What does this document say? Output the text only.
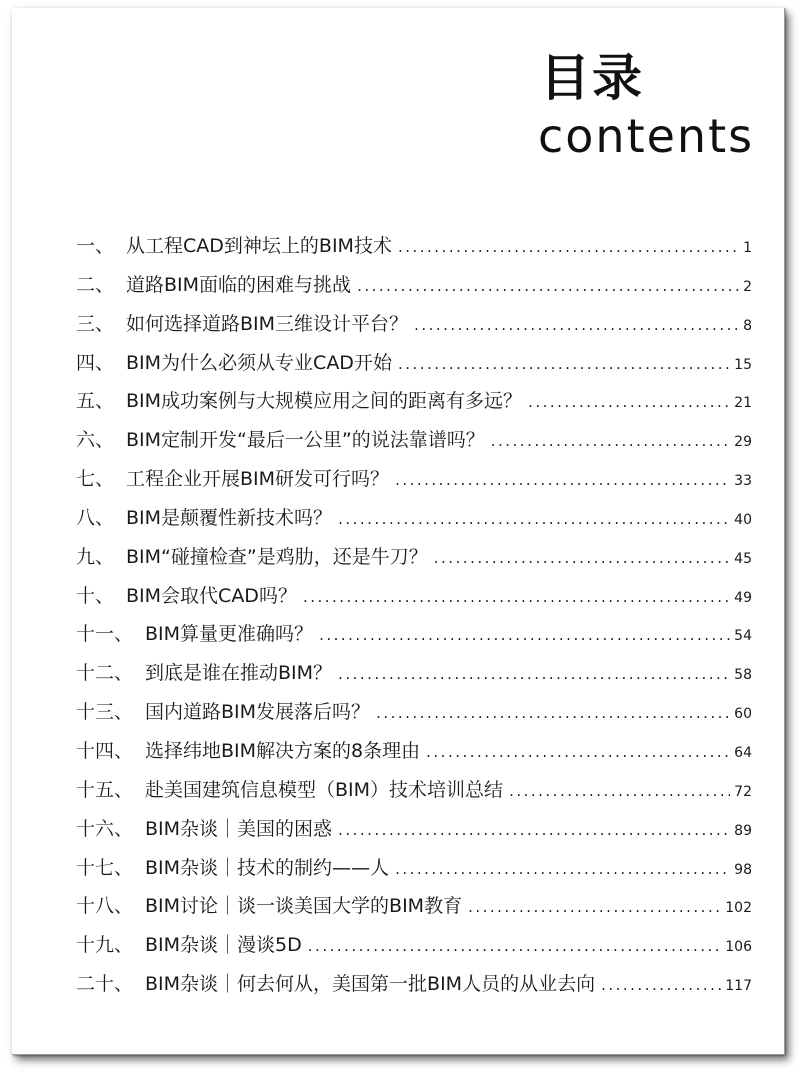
目录
contents
一、 从工程CAD到神坛上的BIM技术 .....	1
二、 道路BIM面临的困难与挑战 .....	2
三、 如何选择道路BIM三维设计平台？ .....	8
四、 BIM为什么必须从专业CAD开始 .....	15
五、 BIM成功案例与大规模应用之间的距离有多远？ .....	21
六、 BIM定制开发“最后一公里”的说法靠谱吗？ .....	29
七、 工程企业开展BIM研发可行吗？ .....	33
八、 BIM是颠覆性新技术吗？ .....	40
九、 BIM“碰撞检查”是鸡肋，还是牛刀？ .....	45
十、 BIM会取代CAD吗？ .....	49
十一、 BIM算量更准确吗？ .....	54
十二、 到底是谁在推动BIM？ .....	58
十三、 国内道路BIM发展落后吗？ .....	60
十四、 选择纬地BIM解决方案的8条理由 .....	64
十五、 赴美国建筑信息模型（BIM）技术培训总结 .....	72
十六、 BIM杂谈｜美国的困惑 .....	89
十七、 BIM杂谈｜技术的制约——人 .....	98
十八、 BIM讨论｜谈一谈美国大学的BIM教育 .....	102
十九、 BIM杂谈｜漫谈5D .....	106
二十、 BIM杂谈｜何去何从，美国第一批BIM人员的从业去向 .....	117
